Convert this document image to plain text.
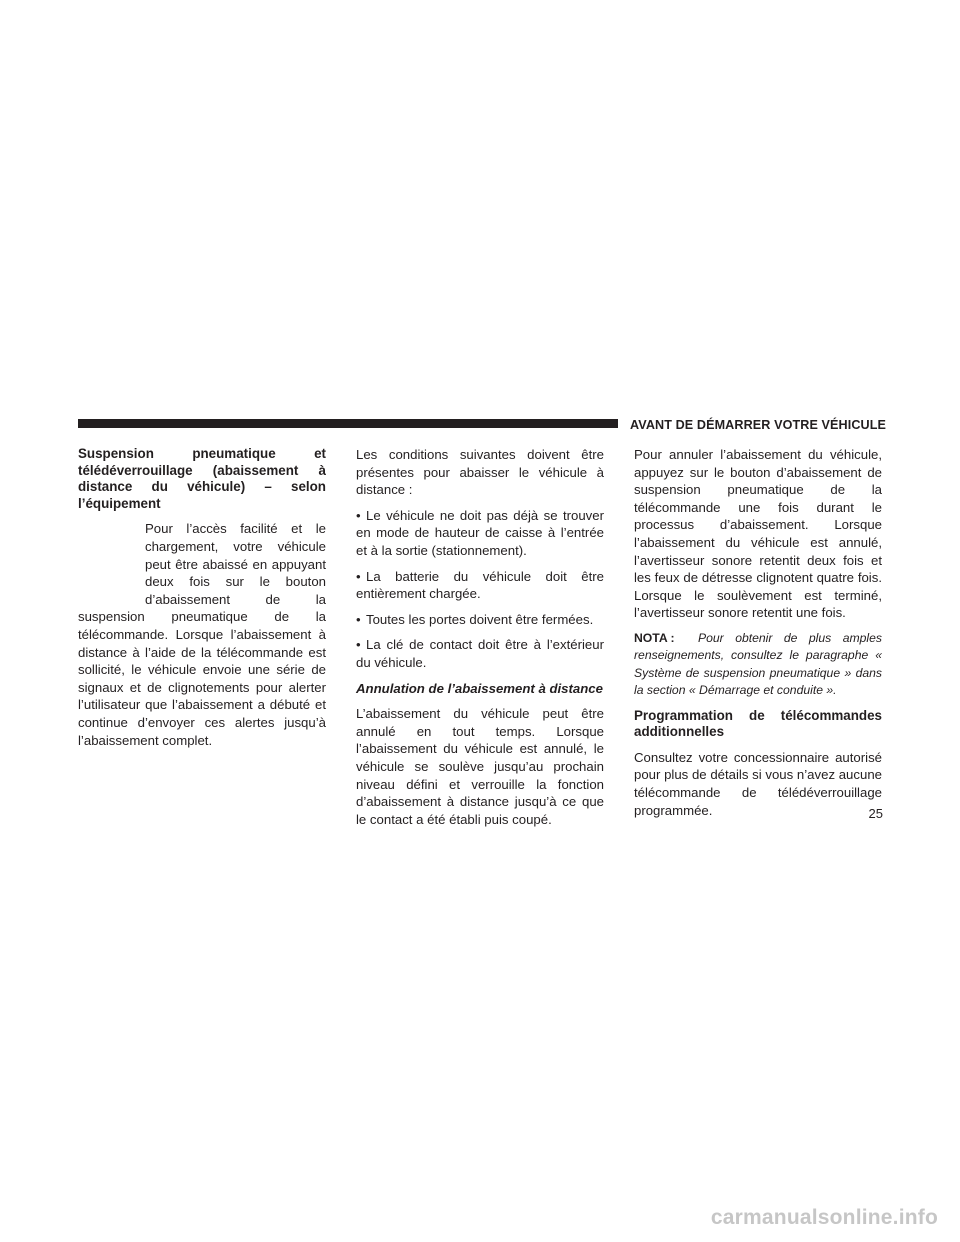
AVANT DE DÉMARRER VOTRE VÉHICULE

Suspension pneumatique et télédéverrouillage (abaissement à distance du véhicule) – selon l’équipement

Pour l’accès facilité et le chargement, votre véhicule peut être abaissé en appuyant deux fois sur le bouton d’abaissement de la suspension pneumatique de la télécommande. Lorsque l’abaissement à distance à l’aide de la télécommande est sollicité, le véhicule envoie une série de signaux et de clignotements pour alerter l’utilisateur que l’abaissement a débuté et continue d’envoyer ces alertes jusqu’à l’abaissement complet.

Les conditions suivantes doivent être présentes pour abaisser le véhicule à distance :

• Le véhicule ne doit pas déjà se trouver en mode de hauteur de caisse à l’entrée et à la sortie (stationnement).

• La batterie du véhicule doit être entièrement chargée.

• Toutes les portes doivent être fermées.

• La clé de contact doit être à l’extérieur du véhicule.

Annulation de l’abaissement à distance

L’abaissement du véhicule peut être annulé en tout temps. Lorsque l’abaissement du véhicule est annulé, le véhicule se soulève jusqu’au prochain niveau défini et verrouille la fonction d’abaissement à distance jusqu’à ce que le contact a été établi puis coupé.

Pour annuler l’abaissement du véhicule, appuyez sur le bouton d’abaissement de suspension pneumatique de la télécommande une fois durant le processus d’abaissement. Lorsque l’abaissement du véhicule est annulé, l’avertisseur sonore retentit deux fois et les feux de détresse clignotent quatre fois. Lorsque le soulèvement est terminé, l’avertisseur sonore retentit une fois.

NOTA : Pour obtenir de plus amples renseignements, consultez le paragraphe « Système de suspension pneumatique » dans la section « Démarrage et conduite ».

Programmation de télécommandes additionnelles

Consultez votre concessionnaire autorisé pour plus de détails si vous n’avez aucune télécommande de télédéverrouillage programmée.	25
carmanualsonline.info
